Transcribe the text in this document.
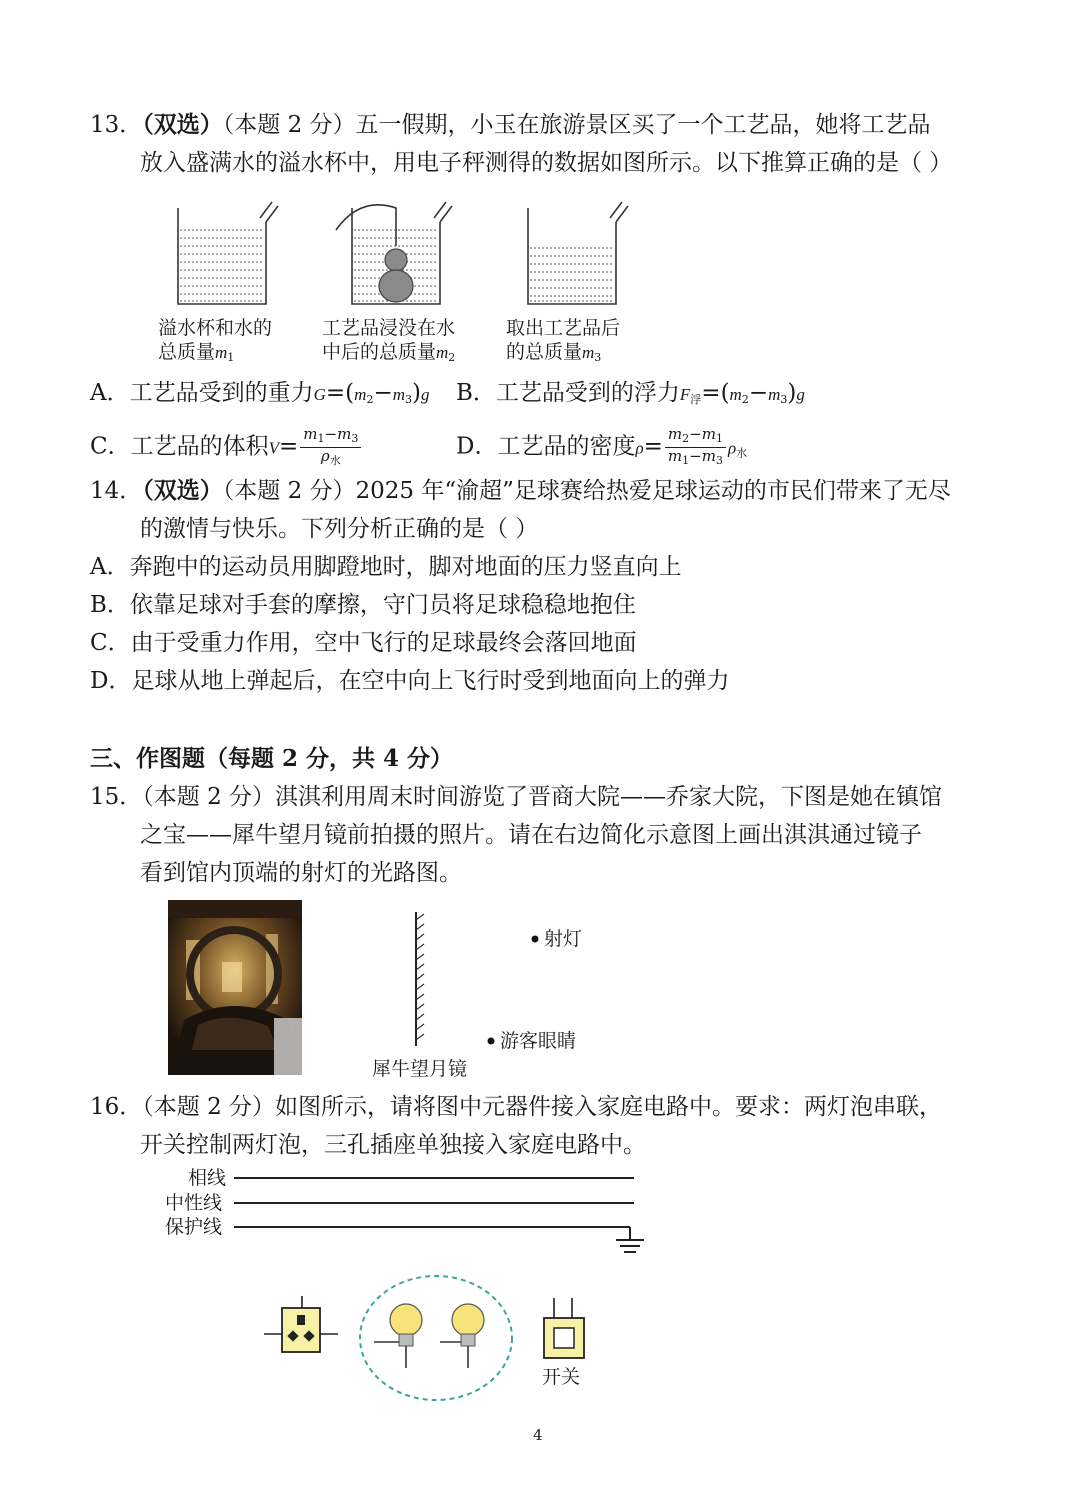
13．（双选）（本题 2 分）五一假期，小玉在旅游景区买了一个工艺品，她将工艺品
放入盛满水的溢水杯中，用电子秤测得的数据如图所示。以下推算正确的是（ ）
溢水杯和水的
总质量$m_1$
工艺品浸没在水
中后的总质量$m_2$
取出工艺品后
的总质量$m_3$
A．工艺品受到的重力$G=(m_2-m_3)g$ B．工艺品受到的浮力$F_浮=(m_2-m_3)g$
C．工艺品的体积$V= \frac{m_1-m_3}{\rho_水}$	D．工艺品的密度$\rho= \frac{m_2-m_1}{m_1-m_3} \rho_水$
14．（双选）（本题 2 分）2025 年“渝超”足球赛给热爱足球运动的市民们带来了无尽
的激情与快乐。下列分析正确的是（ ）
A．奔跑中的运动员用脚蹬地时，脚对地面的压力竖直向上
B．依靠足球对手套的摩擦，守门员将足球稳稳地抱住
C．由于受重力作用，空中飞行的足球最终会落回地面
D．足球从地上弹起后，在空中向上飞行时受到地面向上的弹力
三、作图题（每题 2 分，共 4 分）
15．（本题 2 分）淇淇利用周末时间游览了晋商大院——乔家大院，下图是她在镇馆
之宝——犀牛望月镜前拍摄的照片。请在右边简化示意图上画出淇淇通过镜子
看到馆内顶端的射灯的光路图。
射灯
游客眼睛
犀牛望月镜
16．（本题 2 分）如图所示，请将图中元器件接入家庭电路中。要求：两灯泡串联，
开关控制两灯泡，三孔插座单独接入家庭电路中。
相线
中性线
保护线
开关
4
